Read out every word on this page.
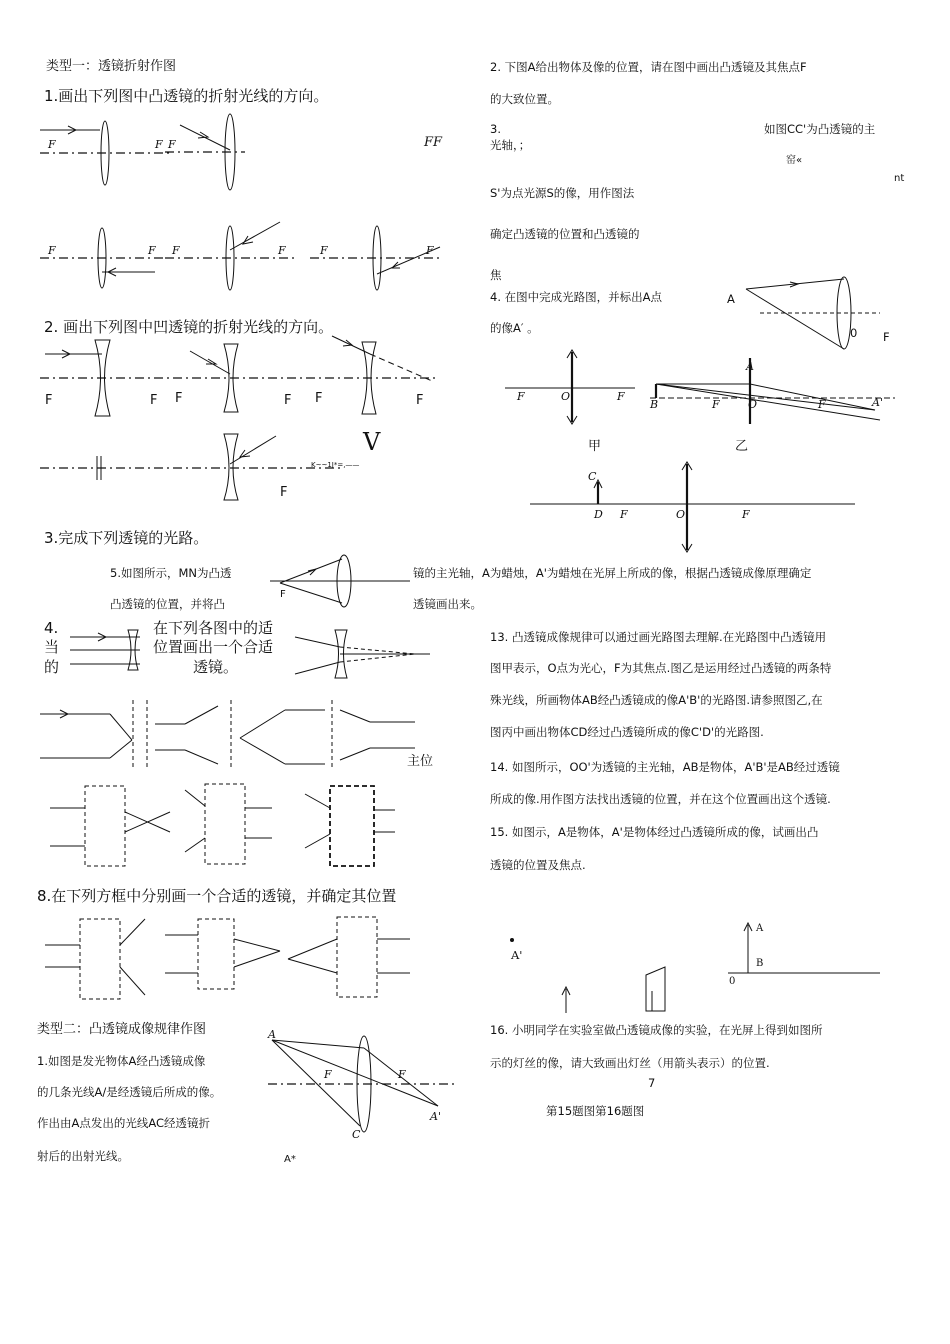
类型一：透镜折射作图
1.画出下列图中凸透镜的折射光线的方向。
FF
2. 画出下列图中凹透镜的折射光线的方向。
V
K~~1J*=,——
3.完成下列透镜的光路。
5.如图所示，MN为凸透	镜的主光轴，A为蜡烛，A'为蜡烛在光屏上所成的像，根据凸透镜成像原理确定
凸透镜的位置，并将凸	透镜画出来。
4.
当
的
在下列各图中的适
位置画出一个合适
透镜。
主位
8.在下列方框中分别画一个合适的透镜，并确定其位置
类型二：凸透镜成像规律作图
1.如图是发光物体A经凸透镜成像
的几条光线A/是经透镜后所成的像。
作出由A点发出的光线AC经透镜折
射后的出射光线。	A*
2. 下图A给出物体及像的位置，请在图中画出凸透镜及其焦点F
的大致位置。
3.	如图CC'为凸透镜的主
光轴，；
窑«
nt
S'为点光源S的像，用作图法
确定凸透镜的位置和凸透镜的
焦
4. 在图中完成光路图，并标出A点
的像A′ 。
A
0 F
甲	乙
13. 凸透镜成像规律可以通过画光路图去理解.在光路图中凸透镜用
图甲表示，O点为光心，F为其焦点.图乙是运用经过凸透镜的两条特
殊光线，所画物体AB经凸透镜成的像A'B'的光路图.请参照图乙,在
图丙中画出物体CD经过凸透镜所成的像C'D'的光路图.
14. 如图所示，OO'为透镜的主光轴，AB是物体，A'B'是AB经过透镜
所成的像.用作图方法找出透镜的位置，并在这个位置画出这个透镜.
15. 如图示，A是物体，A'是物体经过凸透镜所成的像，试画出凸
透镜的位置及焦点.
A'
A
B
0
16. 小明同学在实验室做凸透镜成像的实验，在光屏上得到如图所
示的灯丝的像，请大致画出灯丝（用箭头表示）的位置.
7
第15题图第16题图
F	F F
F	F F	F	F	F
F	F F	F F	F
F
F
A
F	F
C
A'
F	O	F
B	F	O	F	A'
A
C
D F	O	F
